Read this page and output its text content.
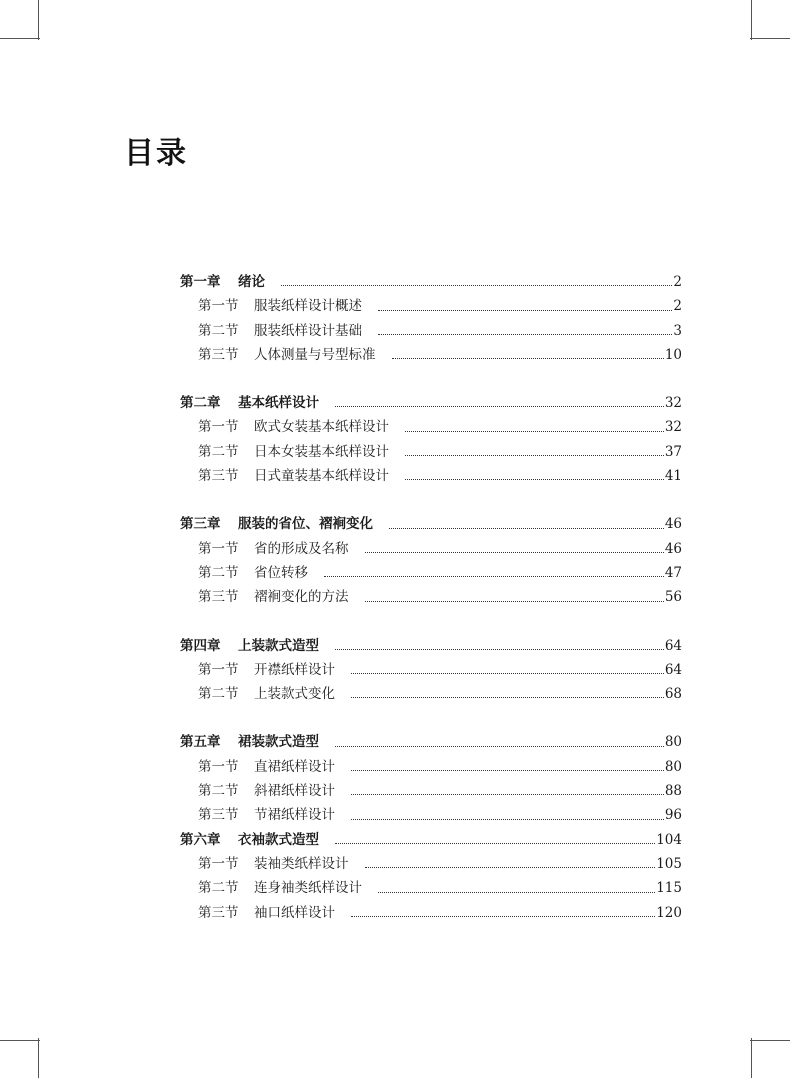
目录
第一章	绪论	2
第一节	服装纸样设计概述	2
第二节	服装纸样设计基础	3
第三节	人体测量与号型标准	10
第二章	基本纸样设计	32
第一节	欧式女装基本纸样设计	32
第二节	日本女装基本纸样设计	37
第三节	日式童装基本纸样设计	41
第三章	服装的省位、褶裥变化	46
第一节	省的形成及名称	46
第二节	省位转移	47
第三节	褶裥变化的方法	56
第四章	上装款式造型	64
第一节	开襟纸样设计	64
第二节	上装款式变化	68
第五章	裙装款式造型	80
第一节	直裙纸样设计	80
第二节	斜裙纸样设计	88
第三节	节裙纸样设计	96
第六章	衣袖款式造型	104
第一节	装袖类纸样设计	105
第二节	连身袖类纸样设计	115
第三节	袖口纸样设计	120
